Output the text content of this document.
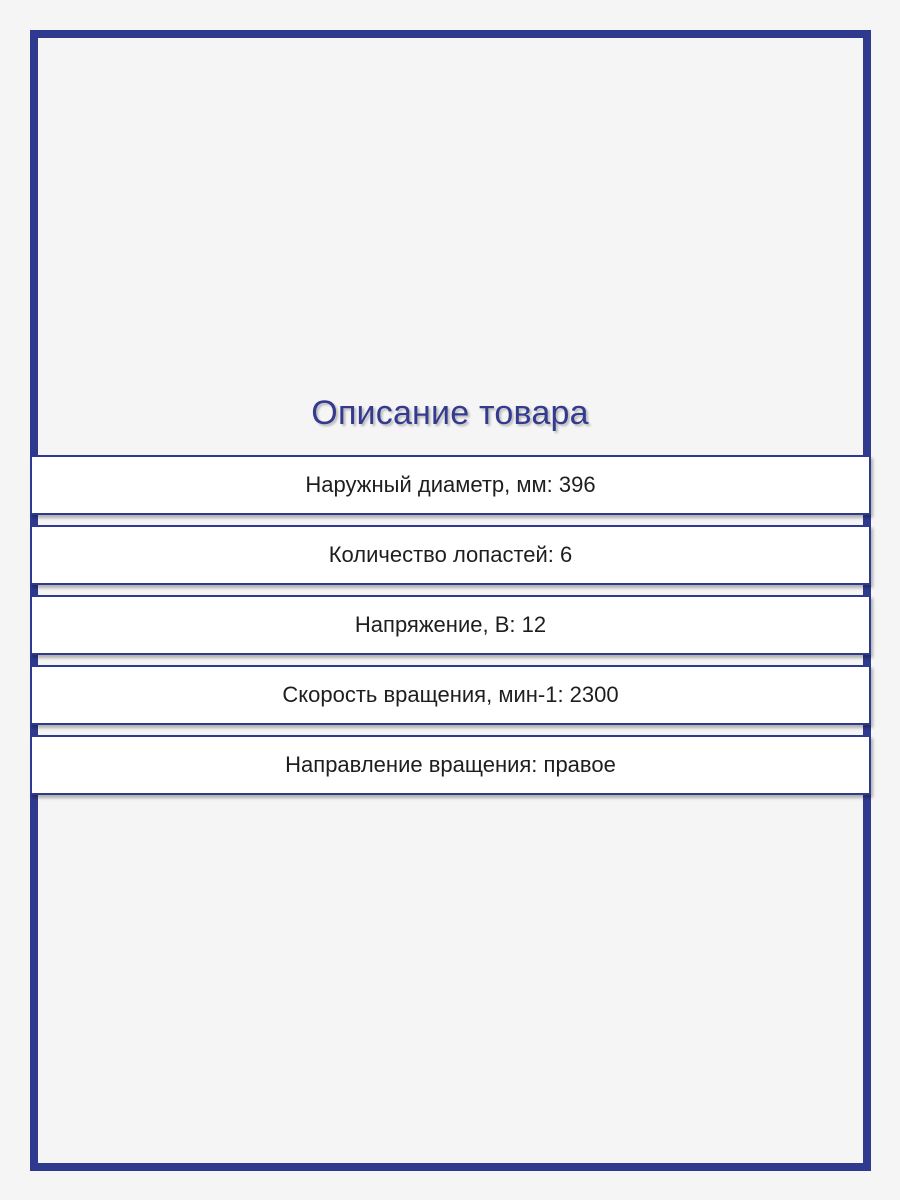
Описание товара
Наружный диаметр, мм: 396
Количество лопастей: 6
Напряжение, В: 12
Скорость вращения, мин-1: 2300
Направление вращения: правое
